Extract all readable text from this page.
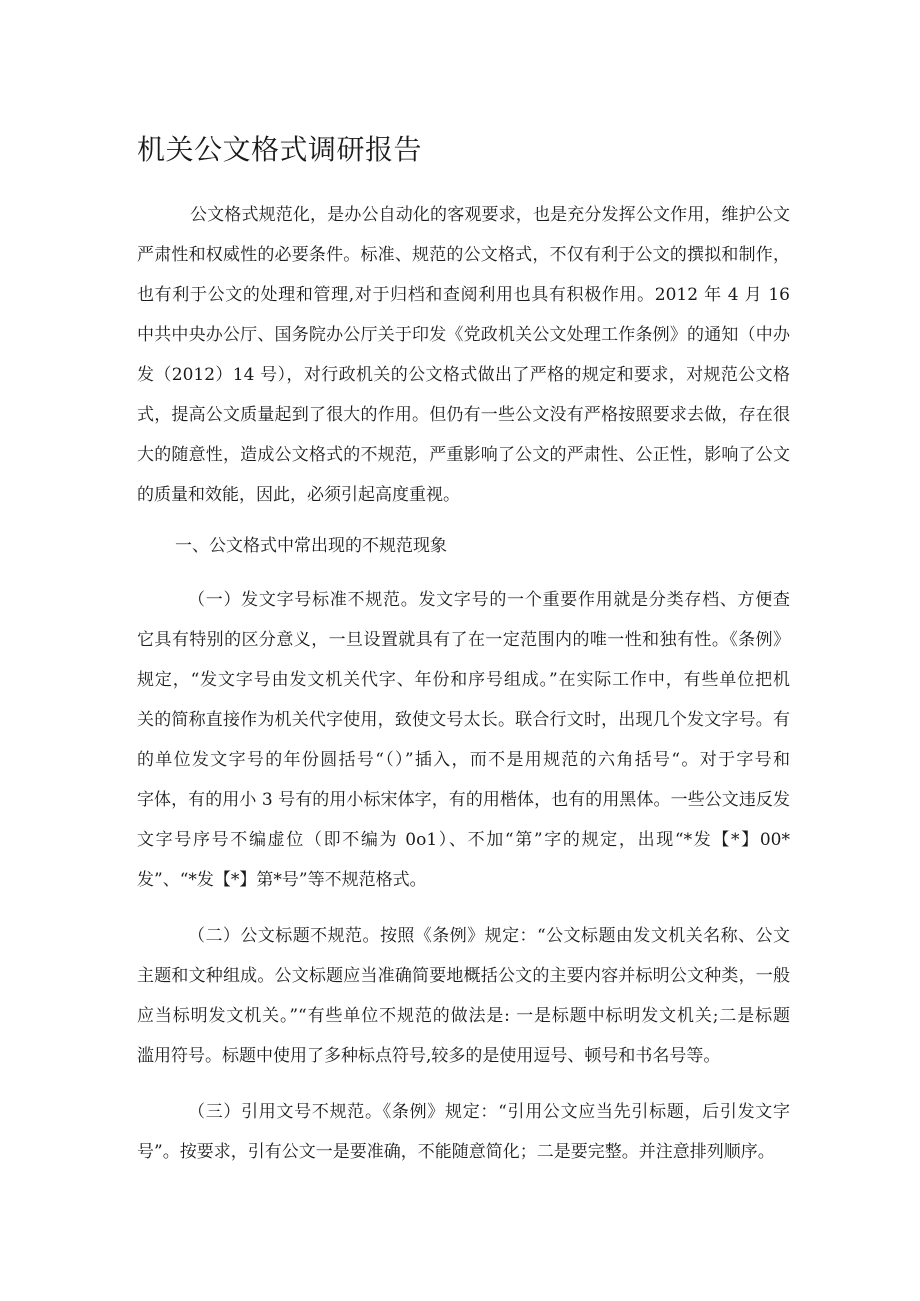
机关公文格式调研报告
公文格式规范化，是办公自动化的客观要求，也是充分发挥公文作用，维护公文
严肃性和权威性的必要条件。标准、规范的公文格式，不仅有利于公文的撰拟和制作，
也有利于公文的处理和管理,对于归档和查阅利用也具有积极作用。2012 年 4 月 16
中共中央办公厅、国务院办公厅关于印发《党政机关公文处理工作条例》的通知（中办
发（2012）14 号），对行政机关的公文格式做出了严格的规定和要求，对规范公文格
式，提高公文质量起到了很大的作用。但仍有一些公文没有严格按照要求去做，存在很
大的随意性，造成公文格式的不规范，严重影响了公文的严肃性、公正性，影响了公文
的质量和效能，因此，必须引起高度重视。
一、公文格式中常出现的不规范现象
（一）发文字号标准不规范。发文字号的一个重要作用就是分类存档、方便查
它具有特别的区分意义，一旦设置就具有了在一定范围内的唯一性和独有性。《条例》
规定，“发文字号由发文机关代字、年份和序号组成。”在实际工作中，有些单位把机
关的简称直接作为机关代字使用，致使文号太长。联合行文时，出现几个发文字号。有
的单位发文字号的年份圆括号“（）”插入，而不是用规范的六角括号“。对于字号和
字体，有的用小 3 号有的用小标宋体字，有的用楷体，也有的用黑体。一些公文违反发
文字号序号不编虚位（即不编为 0o1）、不加“第”字的规定，出现“*发【*】00*
发”、“*发【*】第*号”等不规范格式。
（二）公文标题不规范。按照《条例》规定：“公文标题由发文机关名称、公文
主题和文种组成。公文标题应当准确简要地概括公文的主要内容并标明公文种类，一般
应当标明发文机关。”“有些单位不规范的做法是: 一是标题中标明发文机关;二是标题
滥用符号。标题中使用了多种标点符号,较多的是使用逗号、顿号和书名号等。
（三）引用文号不规范。《条例》规定：“引用公文应当先引标题，后引发文字
号”。按要求，引有公文一是要准确，不能随意简化；二是要完整。并注意排列顺序。
